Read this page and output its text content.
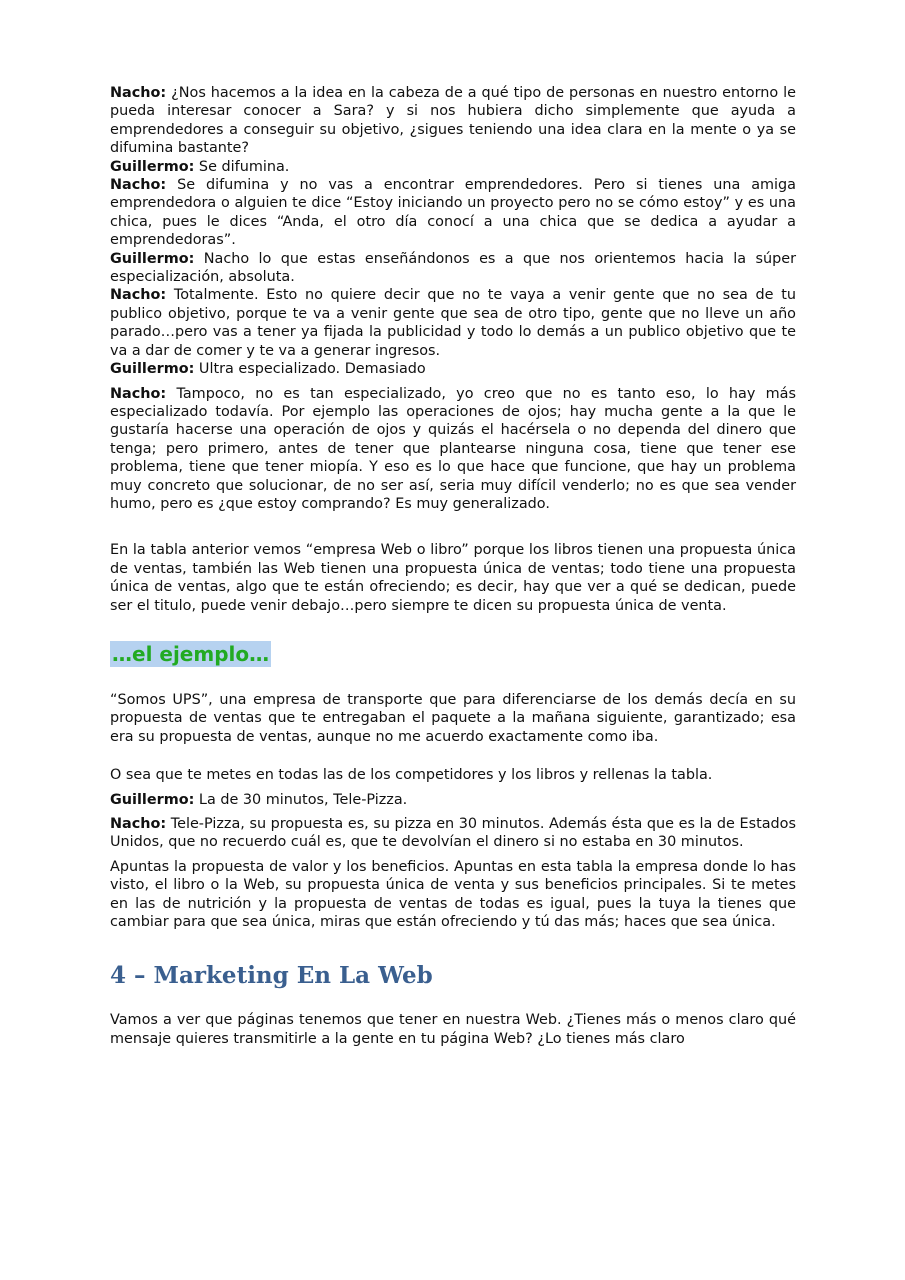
Nacho: ¿Nos hacemos a la idea en la cabeza de a qué tipo de personas en nuestro entorno le pueda interesar conocer a Sara? y si nos hubiera dicho simplemente que ayuda a emprendedores a conseguir su objetivo, ¿sigues teniendo una idea clara en la mente o ya se difumina bastante?

Guillermo: Se difumina.

Nacho: Se difumina y no vas a encontrar emprendedores. Pero si tienes una amiga emprendedora o alguien te dice “Estoy iniciando un proyecto pero no se cómo estoy” y es una chica, pues le dices “Anda, el otro día conocí a una chica que se dedica a ayudar a emprendedoras”.

Guillermo: Nacho lo que estas enseñándonos es a que nos orientemos hacia la súper especialización, absoluta.

Nacho: Totalmente. Esto no quiere decir que no te vaya a venir gente que no sea de tu publico objetivo, porque te va a venir gente que sea de otro tipo, gente que no lleve un año parado…pero vas a tener ya fijada la publicidad y todo lo demás a un publico objetivo que te va a dar de comer y te va a generar ingresos.

Guillermo: Ultra especializado. Demasiado

Nacho: Tampoco, no es tan especializado, yo creo que no es tanto eso, lo hay más especializado todavía. Por ejemplo las operaciones de ojos; hay mucha gente a la que le gustaría hacerse una operación de ojos y quizás el hacérsela o no dependa del dinero que tenga; pero primero, antes de tener que plantearse ninguna cosa, tiene que tener ese problema, tiene que tener miopía. Y eso es lo que hace que funcione, que hay un problema muy concreto que solucionar, de no ser así, seria muy difícil venderlo; no es que sea vender humo, pero es ¿que estoy comprando? Es muy generalizado.

En la tabla anterior vemos “empresa Web o libro” porque los libros tienen una propuesta única de ventas, también las Web tienen una propuesta única de ventas; todo tiene una propuesta única de ventas, algo que te están ofreciendo; es decir, hay que ver a qué se dedican, puede ser el titulo, puede venir debajo…pero siempre te dicen su propuesta única de venta.

…el ejemplo…

“Somos UPS”, una empresa de transporte que para diferenciarse de los demás decía en su propuesta de ventas que te entregaban el paquete a la mañana siguiente, garantizado; esa era su propuesta de ventas, aunque no me acuerdo exactamente como iba.

O sea que te metes en todas las de los competidores y los libros y rellenas la tabla.

Guillermo: La de 30 minutos, Tele-Pizza.

Nacho: Tele-Pizza, su propuesta es, su pizza en 30 minutos. Además ésta que es la de Estados Unidos, que no recuerdo cuál es, que te devolvían el dinero si no estaba en 30 minutos.

Apuntas la propuesta de valor y los beneficios. Apuntas en esta tabla la empresa donde lo has visto, el libro o la Web, su propuesta única de venta y sus beneficios principales. Si te metes en las de nutrición y la propuesta de ventas de todas es igual, pues la tuya la tienes que cambiar para que sea única, miras que están ofreciendo y tú das más; haces que sea única.

4 – Marketing En La Web

Vamos a ver que páginas tenemos que tener en nuestra Web. ¿Tienes más o menos claro qué mensaje quieres transmitirle a la gente en tu página Web? ¿Lo tienes más claro
